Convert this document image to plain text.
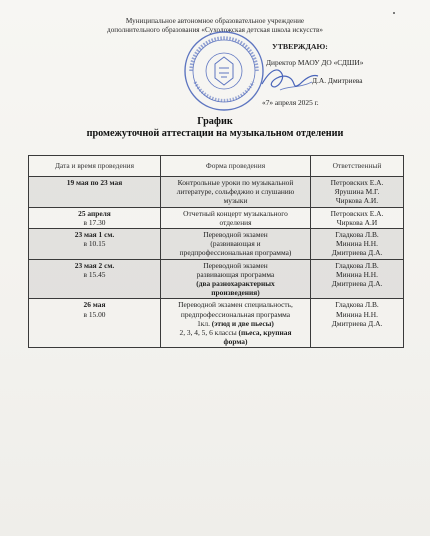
Муниципальное автономное образовательное учреждение
дополнительного образования «Сухоложская детская школа искусств»
УТВЕРЖДАЮ:
Директор МАОУ ДО «СДШИ»
Д.А. Дмитриева
«7» апреля 2025 г.
График
промежуточной аттестации на музыкальном отделении
Дата и время проведения	Форма проведения	Ответственный

19 мая по 23 мая	Контрольные уроки по музыкальной
литературе, сольфеджио и слушанию
музыки	Петровских Е.А.
Ярушина М.Г.
Чиркова А.И.

25 апреля
в 17.30	Отчетный концерт музыкального
отделения	Петровских Е.А.
Чиркова А.И

23 мая 1 см.
в 10.15	Переводной экзамен
(развивающая и
предпрофессиональная программа)	Гладкова Л.В.
Минина Н.Н.
Дмитриева Д.А.

23 мая 2 см.
в 15.45	Переводной экзамен
развивающая программа
(два разнохарактерных
произведения)	Гладкова Л.В.
Минина Н.Н.
Дмитриева Д.А.

26 мая
в 15.00	Переводной экзамен специальность,
предпрофессиональная программа
1кл. (этюд и две пьесы)
2, 3, 4, 5, 6 классы (пьеса, крупная
форма)	Гладкова Л.В.
Минина Н.Н.
Дмитриева Д.А.
